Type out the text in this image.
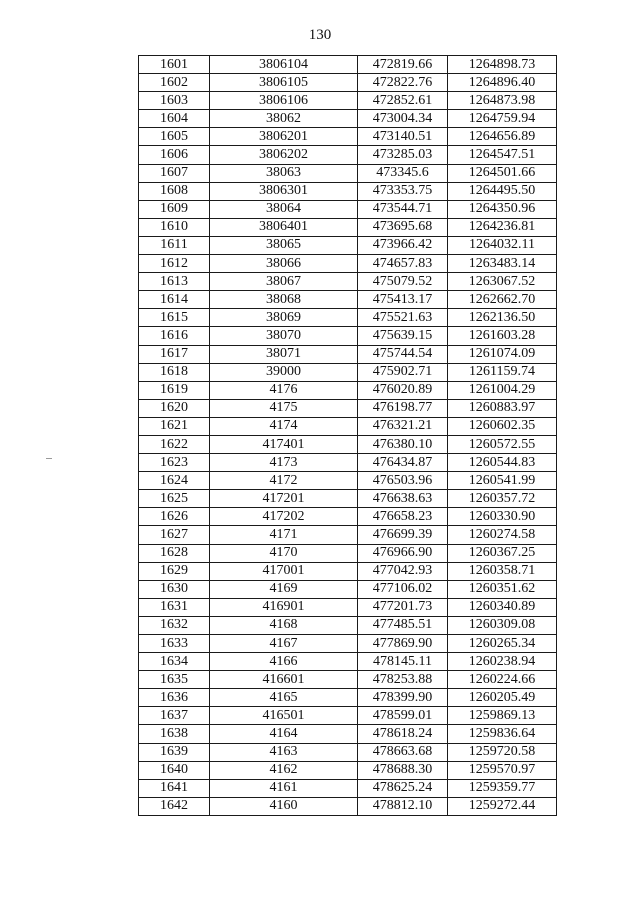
130
1601	3806104	472819.66	1264898.73
1602	3806105	472822.76	1264896.40
1603	3806106	472852.61	1264873.98
1604	38062	473004.34	1264759.94
1605	3806201	473140.51	1264656.89
1606	3806202	473285.03	1264547.51
1607	38063	473345.6	1264501.66
1608	3806301	473353.75	1264495.50
1609	38064	473544.71	1264350.96
1610	3806401	473695.68	1264236.81
1611	38065	473966.42	1264032.11
1612	38066	474657.83	1263483.14
1613	38067	475079.52	1263067.52
1614	38068	475413.17	1262662.70
1615	38069	475521.63	1262136.50
1616	38070	475639.15	1261603.28
1617	38071	475744.54	1261074.09
1618	39000	475902.71	1261159.74
1619	4176	476020.89	1261004.29
1620	4175	476198.77	1260883.97
1621	4174	476321.21	1260602.35
1622	417401	476380.10	1260572.55
1623	4173	476434.87	1260544.83
1624	4172	476503.96	1260541.99
1625	417201	476638.63	1260357.72
1626	417202	476658.23	1260330.90
1627	4171	476699.39	1260274.58
1628	4170	476966.90	1260367.25
1629	417001	477042.93	1260358.71
1630	4169	477106.02	1260351.62
1631	416901	477201.73	1260340.89
1632	4168	477485.51	1260309.08
1633	4167	477869.90	1260265.34
1634	4166	478145.11	1260238.94
1635	416601	478253.88	1260224.66
1636	4165	478399.90	1260205.49
1637	416501	478599.01	1259869.13
1638	4164	478618.24	1259836.64
1639	4163	478663.68	1259720.58
1640	4162	478688.30	1259570.97
1641	4161	478625.24	1259359.77
1642	4160	478812.10	1259272.44
